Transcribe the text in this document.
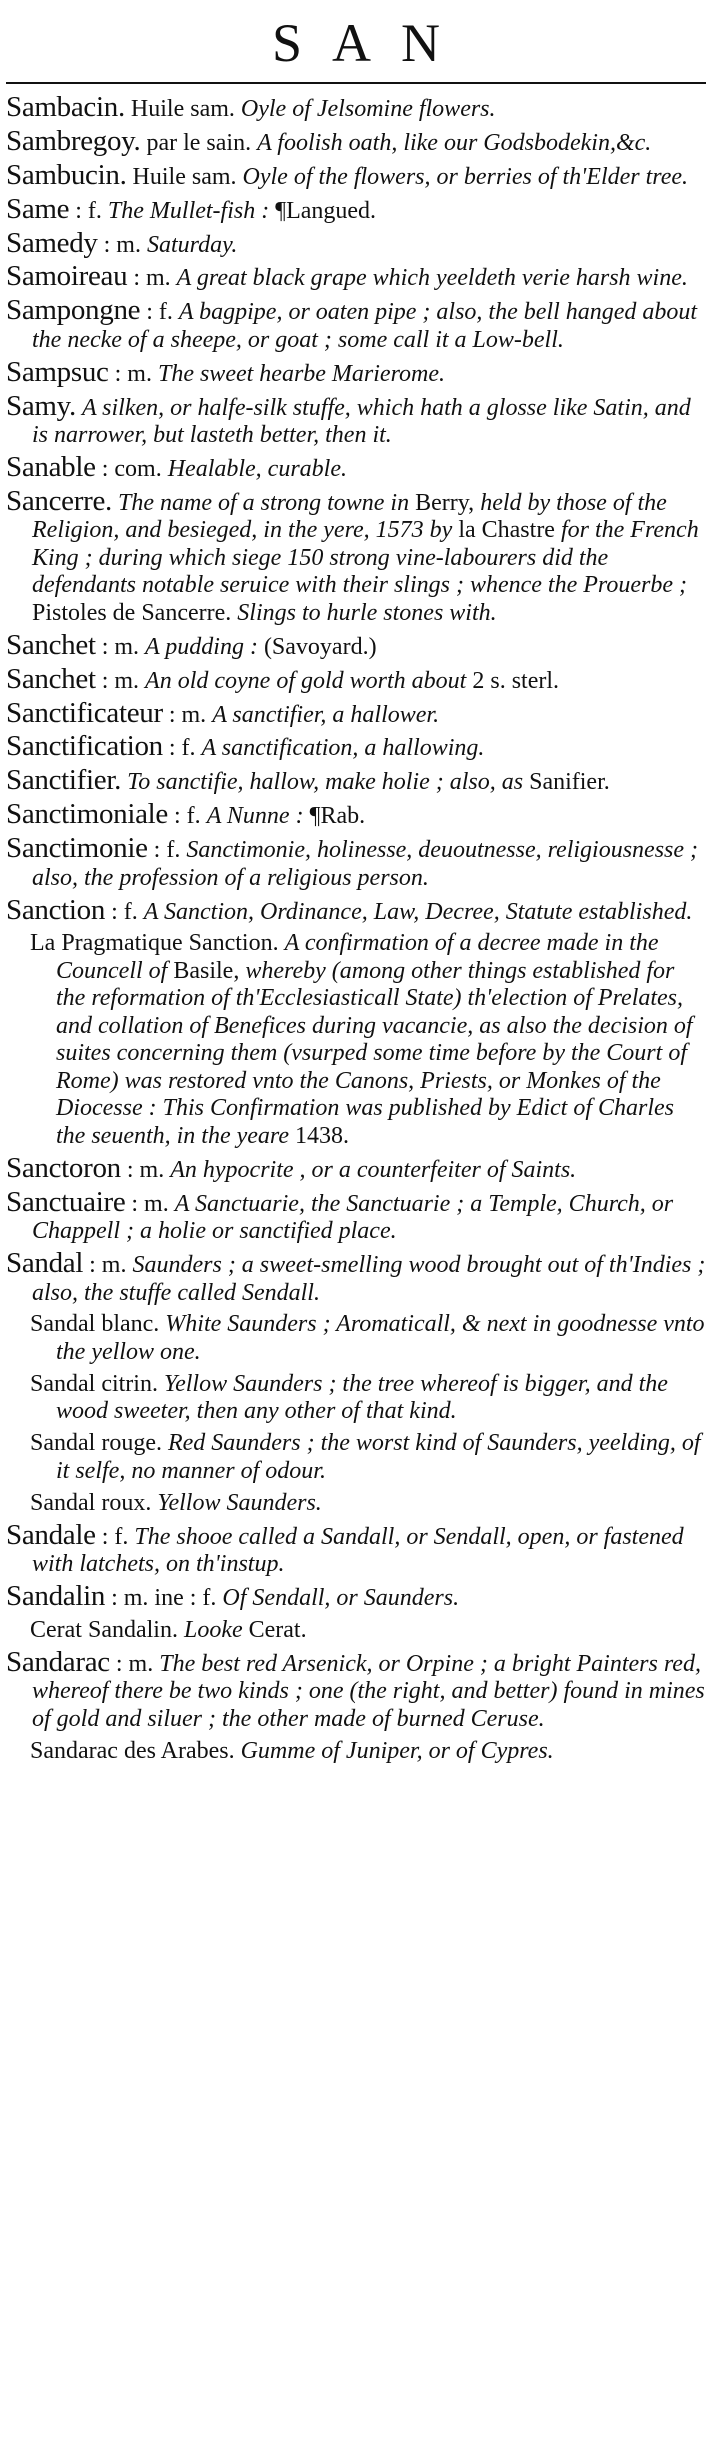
SAN

Sambacin. Huile sam. Oyle of Jelsomine flowers.

Sambregoy. par le sain. A foolish oath, like our Godsbodekin,&c.

Sambucin. Huile sam. Oyle of the flowers, or berries of th'Elder tree.

Same : f. The Mullet-fish : ¶Langued.

Samedy : m. Saturday.

Samoireau : m. A great black grape which yeeldeth verie harsh wine.

Sampongne : f. A bagpipe, or oaten pipe ; also, the bell hanged about the necke of a sheepe, or goat ; some call it a Low-bell.

Sampsuc : m. The sweet hearbe Marierome.

Samy. A silken, or halfe-silk stuffe, which hath a glosse like Satin, and is narrower, but lasteth better, then it.

Sanable : com. Healable, curable.

Sancerre. The name of a strong towne in Berry, held by those of the Religion, and besieged, in the yere, 1573 by la Chastre for the French King ; during which siege 150 strong vine-labourers did the defendants notable seruice with their slings ; whence the Prouerbe ; Pistoles de Sancerre. Slings to hurle stones with.

Sanchet : m. A pudding : (Savoyard.)

Sanchet : m. An old coyne of gold worth about 2 s. sterl.

Sanctificateur : m. A sanctifier, a hallower.

Sanctification : f. A sanctification, a hallowing.

Sanctifier. To sanctifie, hallow, make holie ; also, as Sanifier.

Sanctimoniale : f. A Nunne : ¶Rab.

Sanctimonie : f. Sanctimonie, holinesse, deuoutnesse, religiousnesse ; also, the profession of a religious person.

Sanction : f. A Sanction, Ordinance, Law, Decree, Statute established.

La Pragmatique Sanction. A confirmation of a decree made in the Councell of Basile, whereby (among other things established for the reformation of th'Ecclesiasticall State) th'election of Prelates, and collation of Benefices during vacancie, as also the decision of suites concerning them (vsurped some time before by the Court of Rome) was restored vnto the Canons, Priests, or Monkes of the Diocesse : This Confirmation was published by Edict of Charles the seuenth, in the yeare 1438.

Sanctoron : m. An hypocrite , or a counterfeiter of Saints.

Sanctuaire : m. A Sanctuarie, the Sanctuarie ; a Temple, Church, or Chappell ; a holie or sanctified place.

Sandal : m. Saunders ; a sweet-smelling wood brought out of th'Indies ; also, the stuffe called Sendall.

Sandal blanc. White Saunders ; Aromaticall, & next in goodnesse vnto the yellow one.

Sandal citrin. Yellow Saunders ; the tree whereof is bigger, and the wood sweeter, then any other of that kind.

Sandal rouge. Red Saunders ; the worst kind of Saunders, yeelding, of it selfe, no manner of odour.

Sandal roux. Yellow Saunders.

Sandale : f. The shooe called a Sandall, or Sendall, open, or fastened with latchets, on th'instup.

Sandalin : m. ine : f. Of Sendall, or Saunders.

Cerat Sandalin. Looke Cerat.

Sandarac : m. The best red Arsenick, or Orpine ; a bright Painters red, whereof there be two kinds ; one (the right, and better) found in mines of gold and siluer ; the other made of burned Ceruse.

Sandarac des Arabes. Gumme of Juniper, or of Cypres.
